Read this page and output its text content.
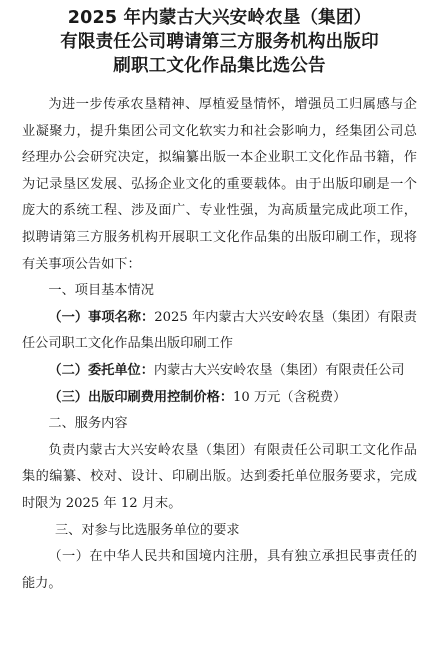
2025 年内蒙古大兴安岭农垦（集团）
有限责任公司聘请第三方服务机构出版印
刷职工文化作品集比选公告

为进一步传承农垦精神、厚植爱垦情怀，增强员工归属感与企业凝聚力，提升集团公司文化软实力和社会影响力，经集团公司总经理办公会研究决定，拟编纂出版一本企业职工文化作品书籍，作为记录垦区发展、弘扬企业文化的重要载体。由于出版印刷是一个庞大的系统工程、涉及面广、专业性强，为高质量完成此项工作，拟聘请第三方服务机构开展职工文化作品集的出版印刷工作，现将有关事项公告如下：

一、项目基本情况

（一）事项名称：2025 年内蒙古大兴安岭农垦（集团）有限责任公司职工文化作品集出版印刷工作

（二）委托单位：内蒙古大兴安岭农垦（集团）有限责任公司

（三）出版印刷费用控制价格：10 万元（含税费）

二、服务内容

负责内蒙古大兴安岭农垦（集团）有限责任公司职工文化作品集的编纂、校对、设计、印刷出版。达到委托单位服务要求，完成时限为 2025 年 12 月末。

三、对参与比选服务单位的要求

（一）在中华人民共和国境内注册，具有独立承担民事责任的能力。
